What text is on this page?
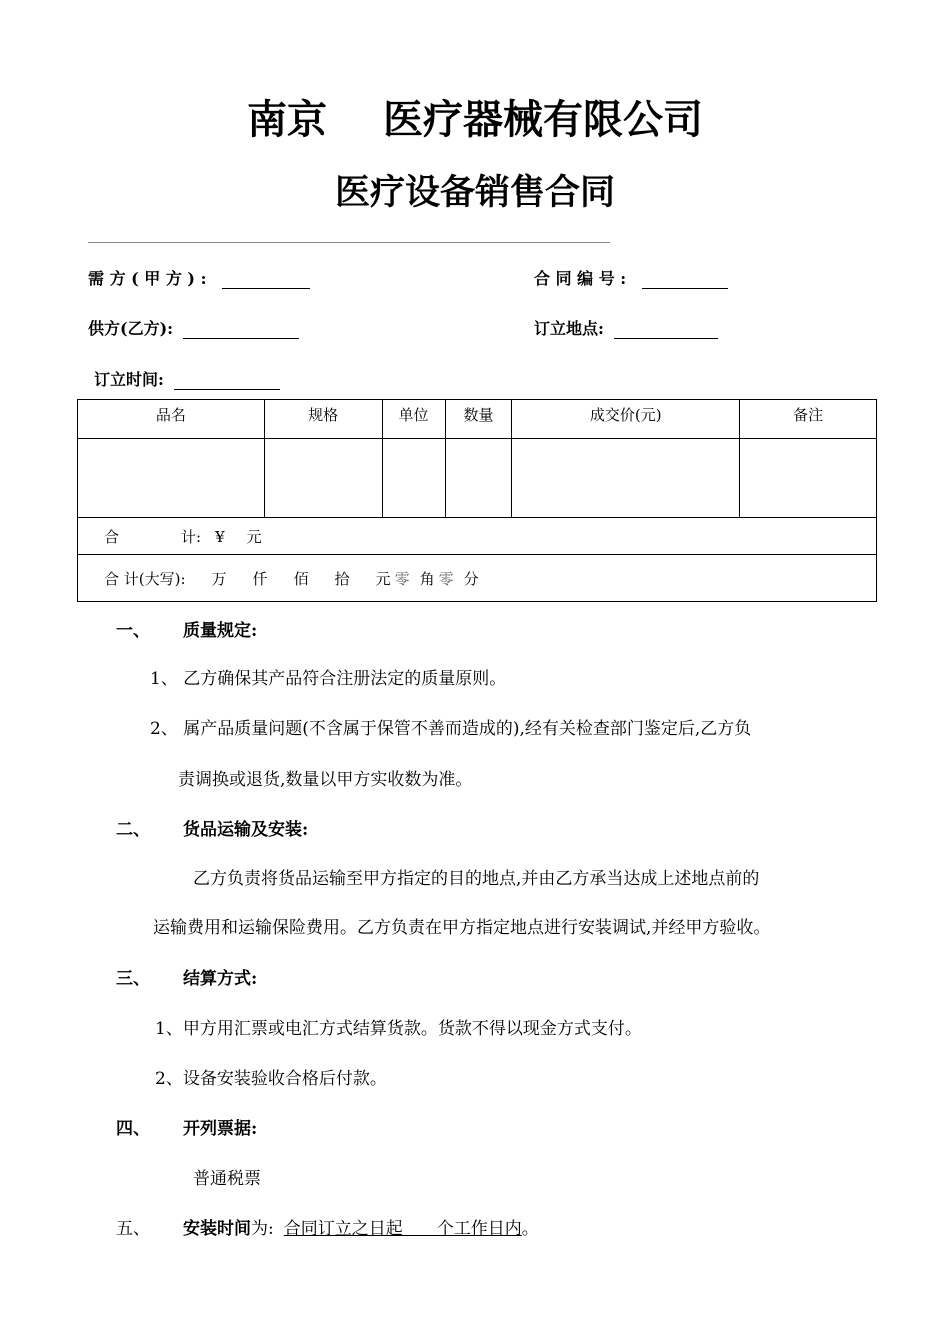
南京 医疗器械有限公司
医疗设备销售合同
需 方 ( 甲 方 ) :	合 同 编 号 :
供方(乙方):	订立地点:
订立时间:
品名	规格	单位	数量	成交价(元)	备注

合 计: ¥ 元					
合 计(大写): 万 仟 佰 拾 元 零 角 零 分					
一、 质量规定:
1、 乙方确保其产品符合注册法定的质量原则。
2、 属产品质量问题(不含属于保管不善而造成的),经有关检查部门鉴定后,乙方负
责调换或退货,数量以甲方实收数为准。
二、 货品运输及安装:
乙方负责将货品运输至甲方指定的目的地点,并由乙方承当达成上述地点前的
运输费用和运输保险费用。乙方负责在甲方指定地点进行安装调试,并经甲方验收。
三、 结算方式:
1、甲方用汇票或电汇方式结算货款。货款不得以现金方式支付。
2、设备安装验收合格后付款。
四、 开列票据:
普通税票
五、 安装时间为: 合同订立之日起　　个工作日内。
